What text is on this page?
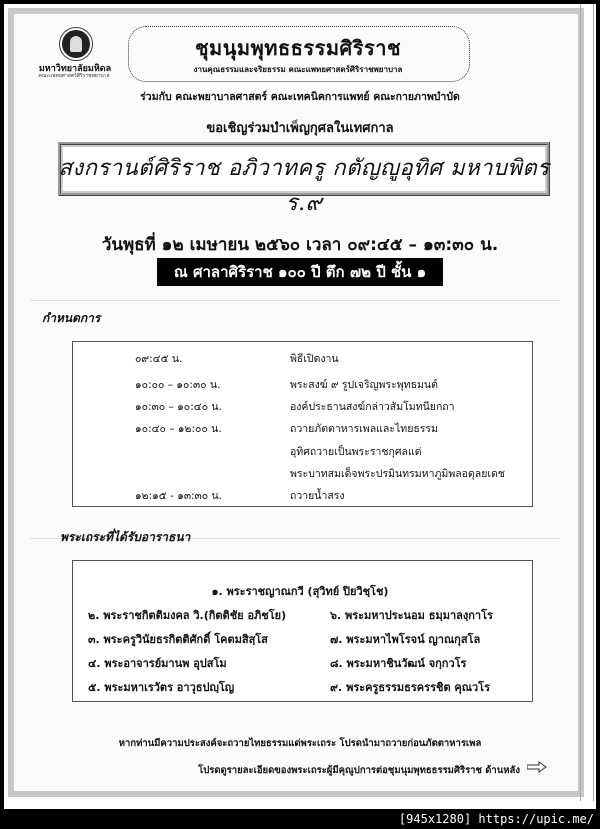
มหาวิทยาลัยมหิดล
คณะแพทยศาสตร์ศิริราชพยาบาล
ชุมนุมพุทธธรรมศิริราช
งานคุณธรรมและจริยธรรม คณะแพทยศาสตร์ศิริราชพยาบาล
ร่วมกับ คณะพยาบาลศาสตร์ คณะเทคนิคการแพทย์ คณะกายภาพบำบัด
ขอเชิญร่วมบำเพ็ญกุศลในเทศกาล
สงกรานต์ศิริราช อภิวาทครู กตัญญูอุทิศ มหาบพิตร ร.๙
วันพุธที่ ๑๒ เมษายน ๒๕๖๐ เวลา ๐๙:๔๕ – ๑๓:๓๐ น.
ณ ศาลาศิริราช ๑๐๐ ปี ตึก ๗๒ ปี ชั้น ๑
กำหนดการ
๐๙:๔๕ น.	พิธีเปิดงาน
๑๐:๐๐ – ๑๐:๓๐ น.	พระสงฆ์ ๙ รูปเจริญพระพุทธมนต์
๑๐:๓๐ – ๑๐:๔๐ น.	องค์ประธานสงฆ์กล่าวสัมโมทนียกถา
๑๐:๔๐ – ๑๒:๐๐ น.	ถวายภัตตาหารเพลและไทยธรรม
อุทิศถวายเป็นพระราชกุศลแด่
พระบาทสมเด็จพระปรมินทรมหาภูมิพลอดุลยเดช
๑๒:๑๕ - ๑๓:๓๐ น.	ถวายน้ำสรง
พระเถระที่ได้รับอาราธนา
๑. พระราชญาณกวี (สุวิทย์ ปิยวิชฺโช)
๒. พระราชกิตติมงคล วิ.(กิตติชัย อภิชโย)
๓. พระครูวินัยธรกิตติศักดิ์ โคตมสิสฺโส
๔. พระอาจารย์มานพ อุปสโม
๕. พระมหาเรวัตร อาวุธปญฺโญ
๖. พระมหาประนอม ธมฺมาลงฺกาโร
๗. พระมหาไพโรจน์ ญาณกุสโล
๘. พระมหาชินวัฒน์ จกฺกวโร
๙. พระครูธรรมธรครรชิต คุณวโร
หากท่านมีความประสงค์จะถวายไทยธรรมแด่พระเถระ โปรดนำมาถวายก่อนภัตตาหารเพล
โปรดดูรายละเอียดของพระเถระผู้มีคุณูปการต่อชุมนุมพุทธธรรมศิริราช ด้านหลัง
[945x1280] https://upic.me/
